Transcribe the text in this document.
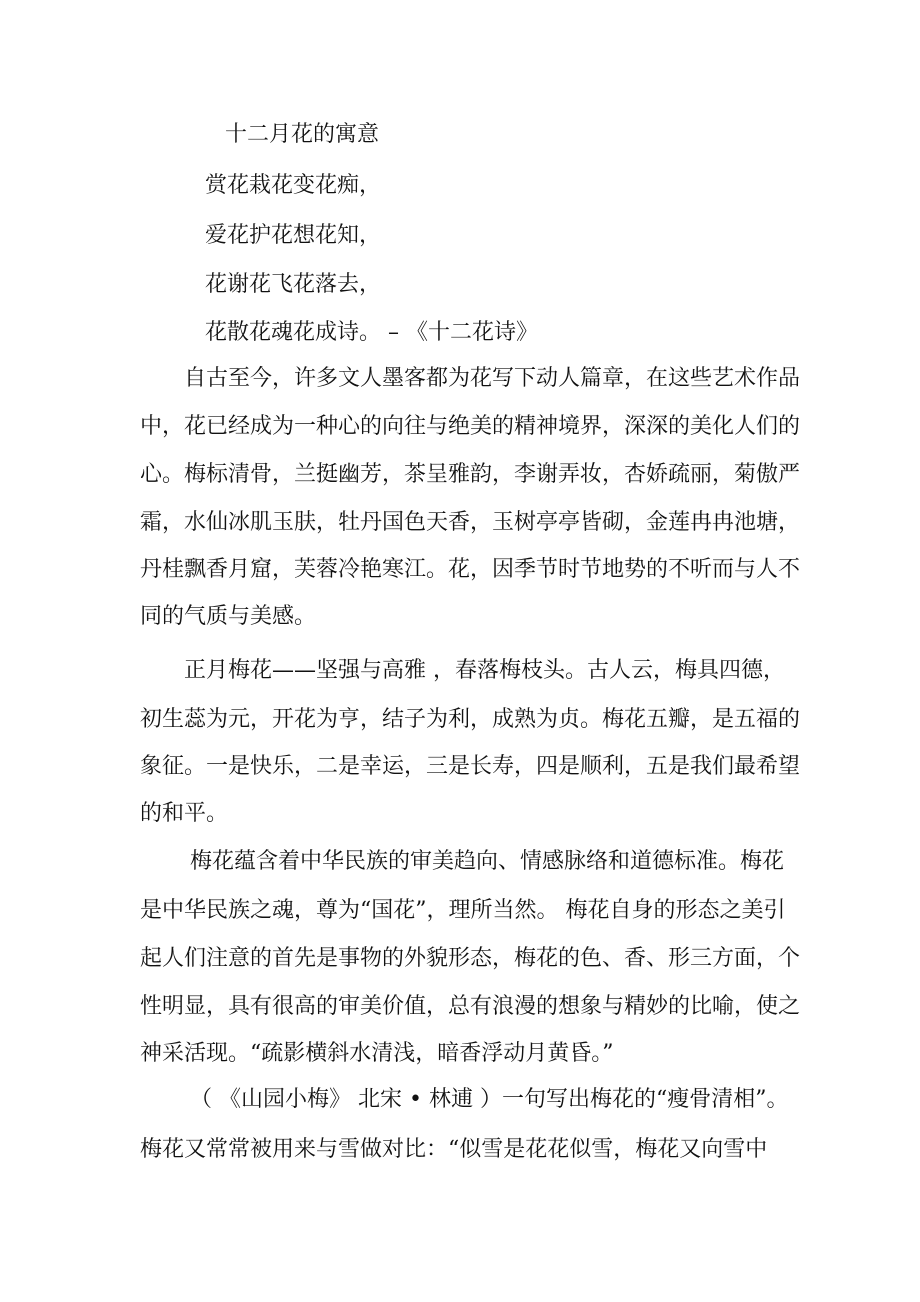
十二月花的寓意
赏花栽花变花痴，
爱花护花想花知，
花谢花飞花落去，
花散花魂花成诗。 – 《十二花诗》
自古至今，许多文人墨客都为花写下动人篇章，在这些艺术作品
中，花已经成为一种心的向往与绝美的精神境界，深深的美化人们的
心。梅标清骨，兰挺幽芳，茶呈雅韵，李谢弄妆，杏娇疏丽，菊傲严
霜，水仙冰肌玉肤，牡丹国色天香，玉树亭亭皆砌，金莲冉冉池塘，
丹桂飘香月窟，芙蓉冷艳寒江。花，因季节时节地势的不听而与人不
同的气质与美感。
正月梅花——坚强与高雅 ，春落梅枝头。古人云，梅具四德，
初生蕊为元，开花为亨，结子为利，成熟为贞。梅花五瓣，是五福的
象征。一是快乐，二是幸运，三是长寿，四是顺利，五是我们最希望
的和平。
梅花蕴含着中华民族的审美趋向、情感脉络和道德标准。梅花
是中华民族之魂，尊为“国花”，理所当然。 梅花自身的形态之美引
起人们注意的首先是事物的外貌形态，梅花的色、香、形三方面，个
性明显，具有很高的审美价值，总有浪漫的想象与精妙的比喻，使之
神采活现。“疏影横斜水清浅，暗香浮动月黄昏。”
（ 《山园小梅》 北宋 • 林逋 ）一句写出梅花的“瘦骨清相”。
梅花又常常被用来与雪做对比：“似雪是花花似雪，梅花又向雪中
